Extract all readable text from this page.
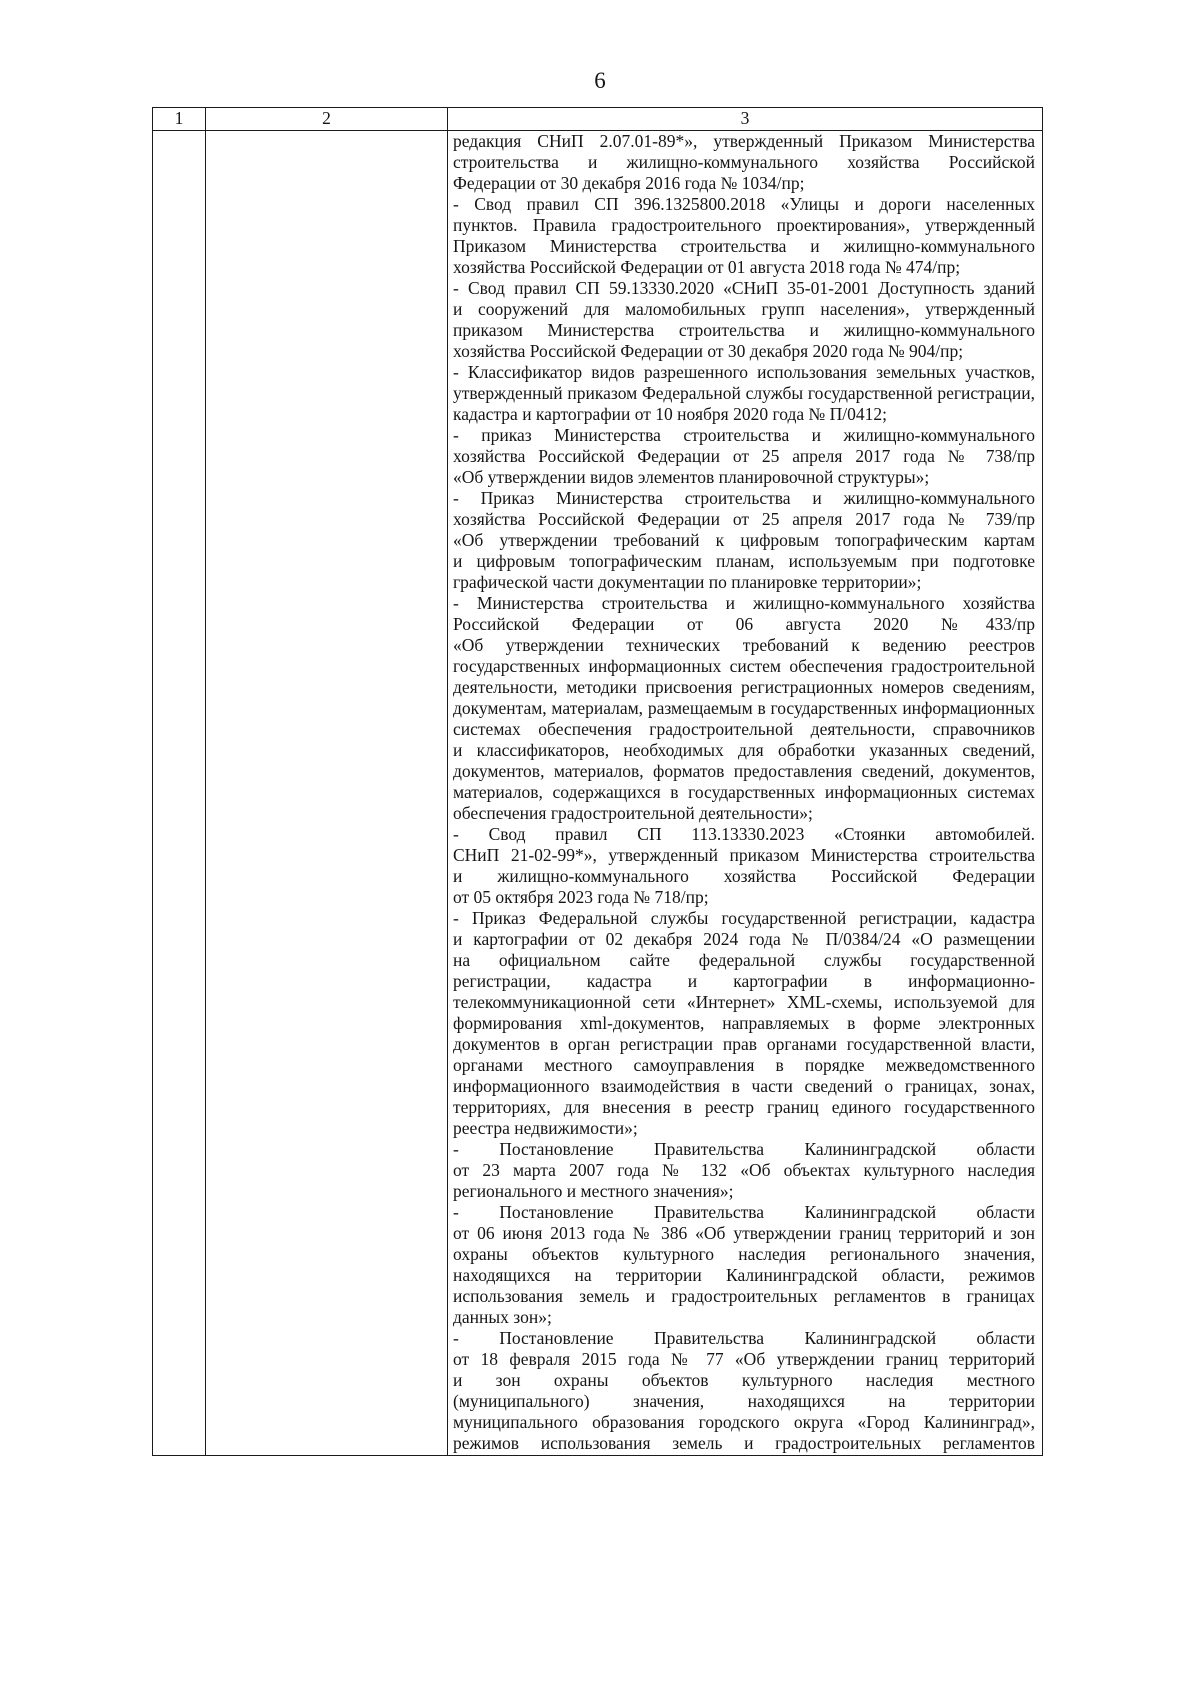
6
1	2	3
редакция СНиП 2.07.01-89*», утвержденный Приказом Министерства
строительства и жилищно-коммунального хозяйства Российской
Федерации от 30 декабря 2016 года № 1034/пр;
- Свод правил СП 396.1325800.2018 «Улицы и дороги населенных
пунктов. Правила градостроительного проектирования», утвержденный
Приказом Министерства строительства и жилищно-коммунального
хозяйства Российской Федерации от 01 августа 2018 года № 474/пр;
- Свод правил СП 59.13330.2020 «СНиП 35-01-2001 Доступность зданий
и сооружений для маломобильных групп населения», утвержденный
приказом Министерства строительства и жилищно-коммунального
хозяйства Российской Федерации от 30 декабря 2020 года № 904/пр;
- Классификатор видов разрешенного использования земельных участков,
утвержденный приказом Федеральной службы государственной регистрации,
кадастра и картографии от 10 ноября 2020 года № П/0412;
- приказ Министерства строительства и жилищно-коммунального
хозяйства Российской Федерации от 25 апреля 2017 года № 738/пр
«Об утверждении видов элементов планировочной структуры»;
- Приказ Министерства строительства и жилищно-коммунального
хозяйства Российской Федерации от 25 апреля 2017 года № 739/пр
«Об утверждении требований к цифровым топографическим картам
и цифровым топографическим планам, используемым при подготовке
графической части документации по планировке территории»;
- Министерства строительства и жилищно-коммунального хозяйства
Российской Федерации от 06 августа 2020 №433/пр
«Об утверждении технических требований к ведению реестров
государственных информационных систем обеспечения градостроительной
деятельности, методики присвоения регистрационных номеров сведениям,
документам, материалам, размещаемым в государственных информационных
системах обеспечения градостроительной деятельности, справочников
и классификаторов, необходимых для обработки указанных сведений,
документов, материалов, форматов предоставления сведений, документов,
материалов, содержащихся в государственных информационных системах
обеспечения градостроительной деятельности»;
- Свод правил СП 113.13330.2023 «Стоянки автомобилей.
СНиП 21-02-99*», утвержденный приказом Министерства строительства
и жилищно-коммунального хозяйства Российской Федерации
от 05 октября 2023 года № 718/пр;
- Приказ Федеральной службы государственной регистрации, кадастра
и картографии от 02 декабря 2024 года № П/0384/24 «О размещении
на официальном сайте федеральной службы государственной
регистрации, кадастра и картографии в информационно-
телекоммуникационной сети «Интернет» XML-схемы, используемой для
формирования xml-документов, направляемых в форме электронных
документов в орган регистрации прав органами государственной власти,
органами местного самоуправления в порядке межведомственного
информационного взаимодействия в части сведений о границах, зонах,
территориях, для внесения в реестр границ единого государственного
реестра недвижимости»;
- Постановление Правительства Калининградской области
от 23 марта 2007 года № 132 «Об объектах культурного наследия
регионального и местного значения»;
- Постановление Правительства Калининградской области
от 06 июня 2013 года № 386 «Об утверждении границ территорий и зон
охраны объектов культурного наследия регионального значения,
находящихся на территории Калининградской области, режимов
использования земель и градостроительных регламентов в границах
данных зон»;
- Постановление Правительства Калининградской области
от 18 февраля 2015 года № 77 «Об утверждении границ территорий
и зон охраны объектов культурного наследия местного
(муниципального) значения, находящихся на территории
муниципального образования городского округа «Город Калининград»,
режимов использования земель и градостроительных регламентов
